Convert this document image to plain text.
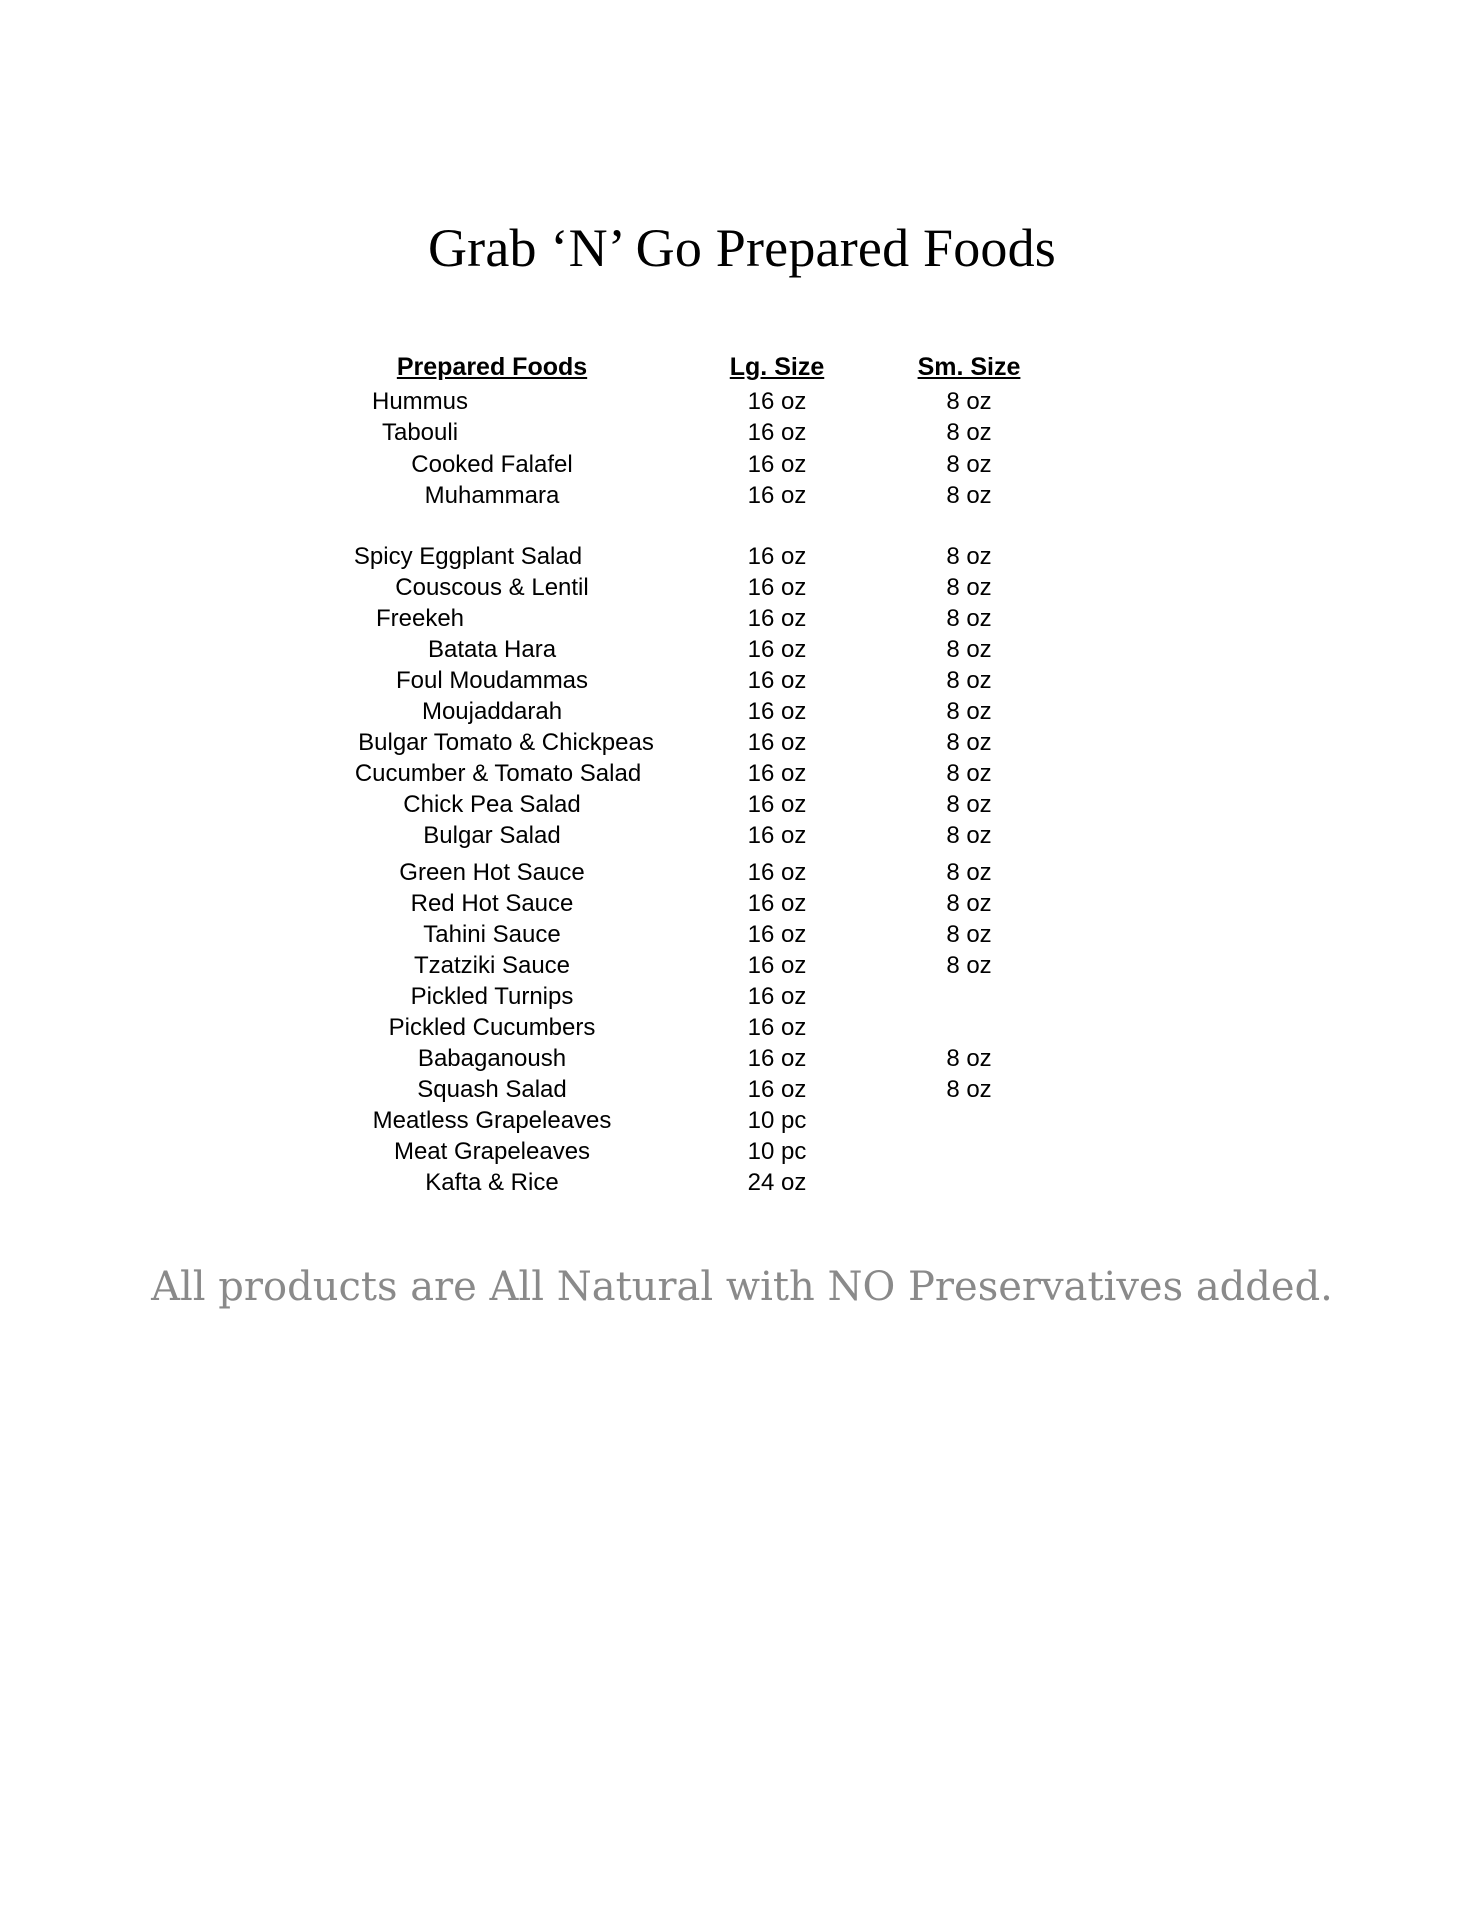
Grab ‘N’ Go Prepared Foods
Prepared Foods	Lg. Size	Sm. Size
Hummus	16 oz	8 oz
Tabouli	16 oz	8 oz
Cooked Falafel	16 oz	8 oz
Muhammara	16 oz	8 oz
Spicy Eggplant Salad	16 oz	8 oz
Couscous & Lentil	16 oz	8 oz
Freekeh	16 oz	8 oz
Batata Hara	16 oz	8 oz
Foul Moudammas	16 oz	8 oz
Moujaddarah	16 oz	8 oz
Bulgar Tomato & Chickpeas	16 oz	8 oz
Cucumber & Tomato Salad	16 oz	8 oz
Chick Pea Salad	16 oz	8 oz
Bulgar Salad	16 oz	8 oz
Green Hot Sauce	16 oz	8 oz
Red Hot Sauce	16 oz	8 oz
Tahini Sauce	16 oz	8 oz
Tzatziki Sauce	16 oz	8 oz
Pickled Turnips	16 oz
Pickled Cucumbers	16 oz
Babaganoush	16 oz	8 oz
Squash Salad	16 oz	8 oz
Meatless Grapeleaves	10 pc
Meat Grapeleaves	10 pc
Kafta & Rice	24 oz
All products are All Natural with NO Preservatives added.
